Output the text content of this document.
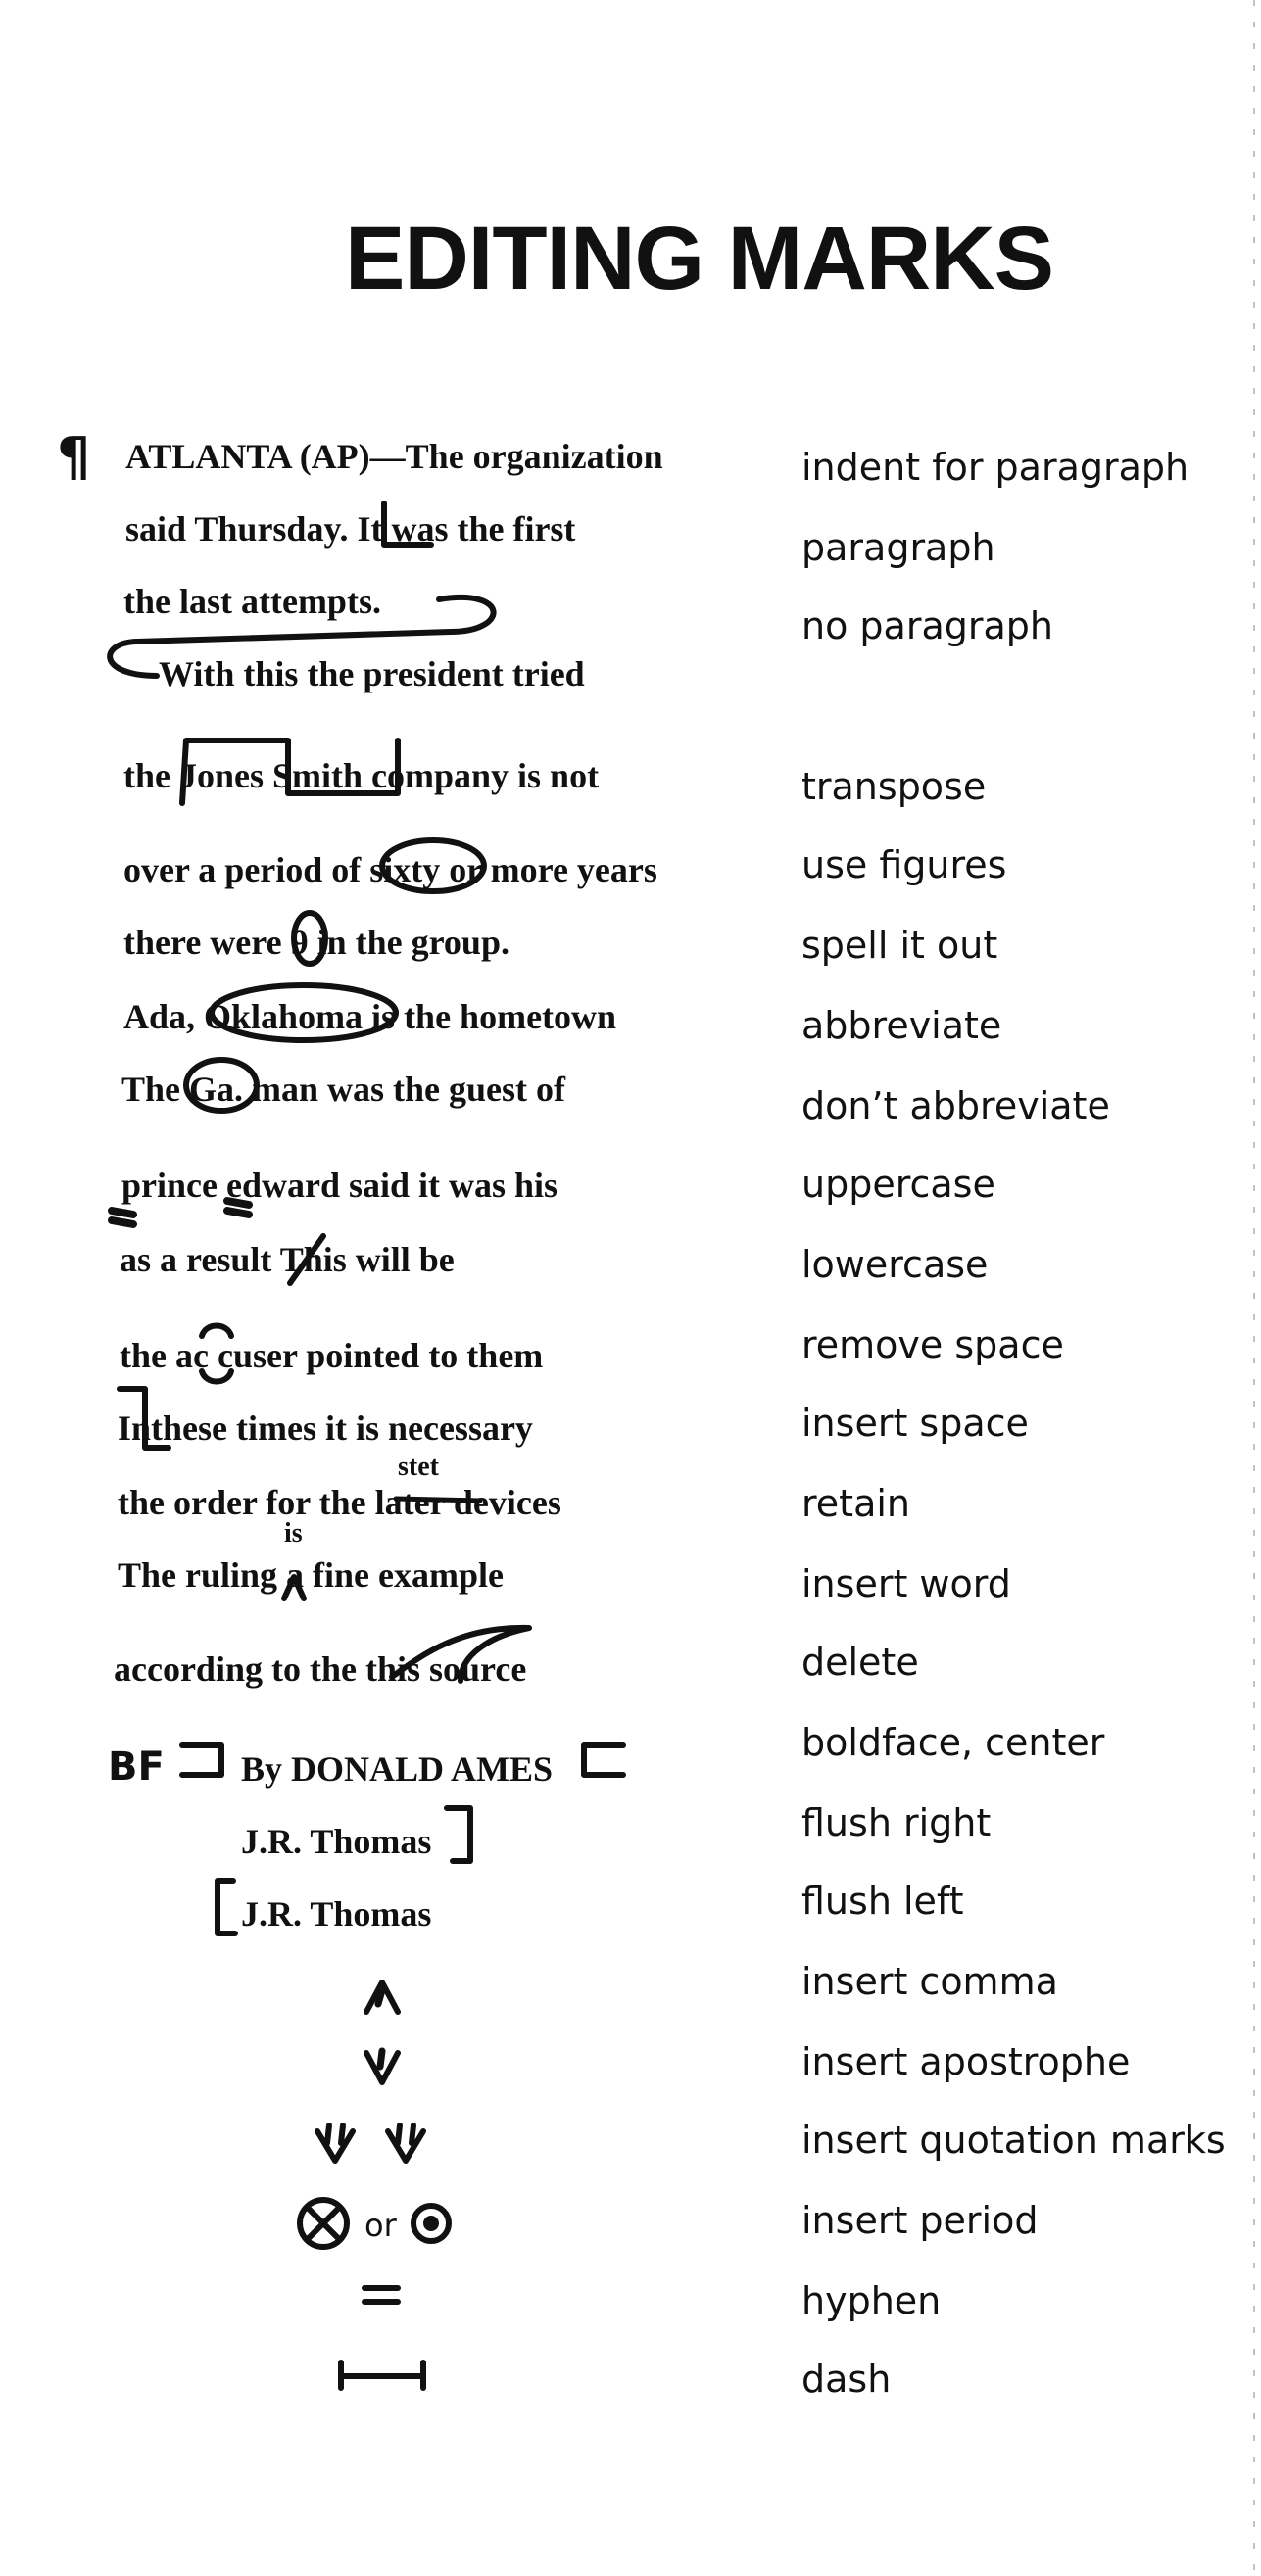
EDITING MARKS
¶ ATLANTA (AP)—The organization
said Thursday. It was the first
the last attempts.
With this the president tried
the Jones Smith company is not
over a period of sixty or more years
there were 9 in the group.
Ada, Oklahoma is the hometown
The Ga. man was the guest of
prince edward said it was his
as a result This will be
the ac cuser pointed to them
Inthese times it is necessary
the order for the later devices
The ruling a fine example
according to the this source
BF By DONALD AMES
J.R. Thomas
J.R. Thomas
stet
is
or
indent for paragraph
paragraph
no paragraph
transpose
use figures
spell it out
abbreviate
don’t abbreviate
uppercase
lowercase
remove space
insert space
retain
insert word
delete
boldface, center
flush right
flush left
insert comma
insert apostrophe
insert quotation marks
insert period
hyphen
dash
